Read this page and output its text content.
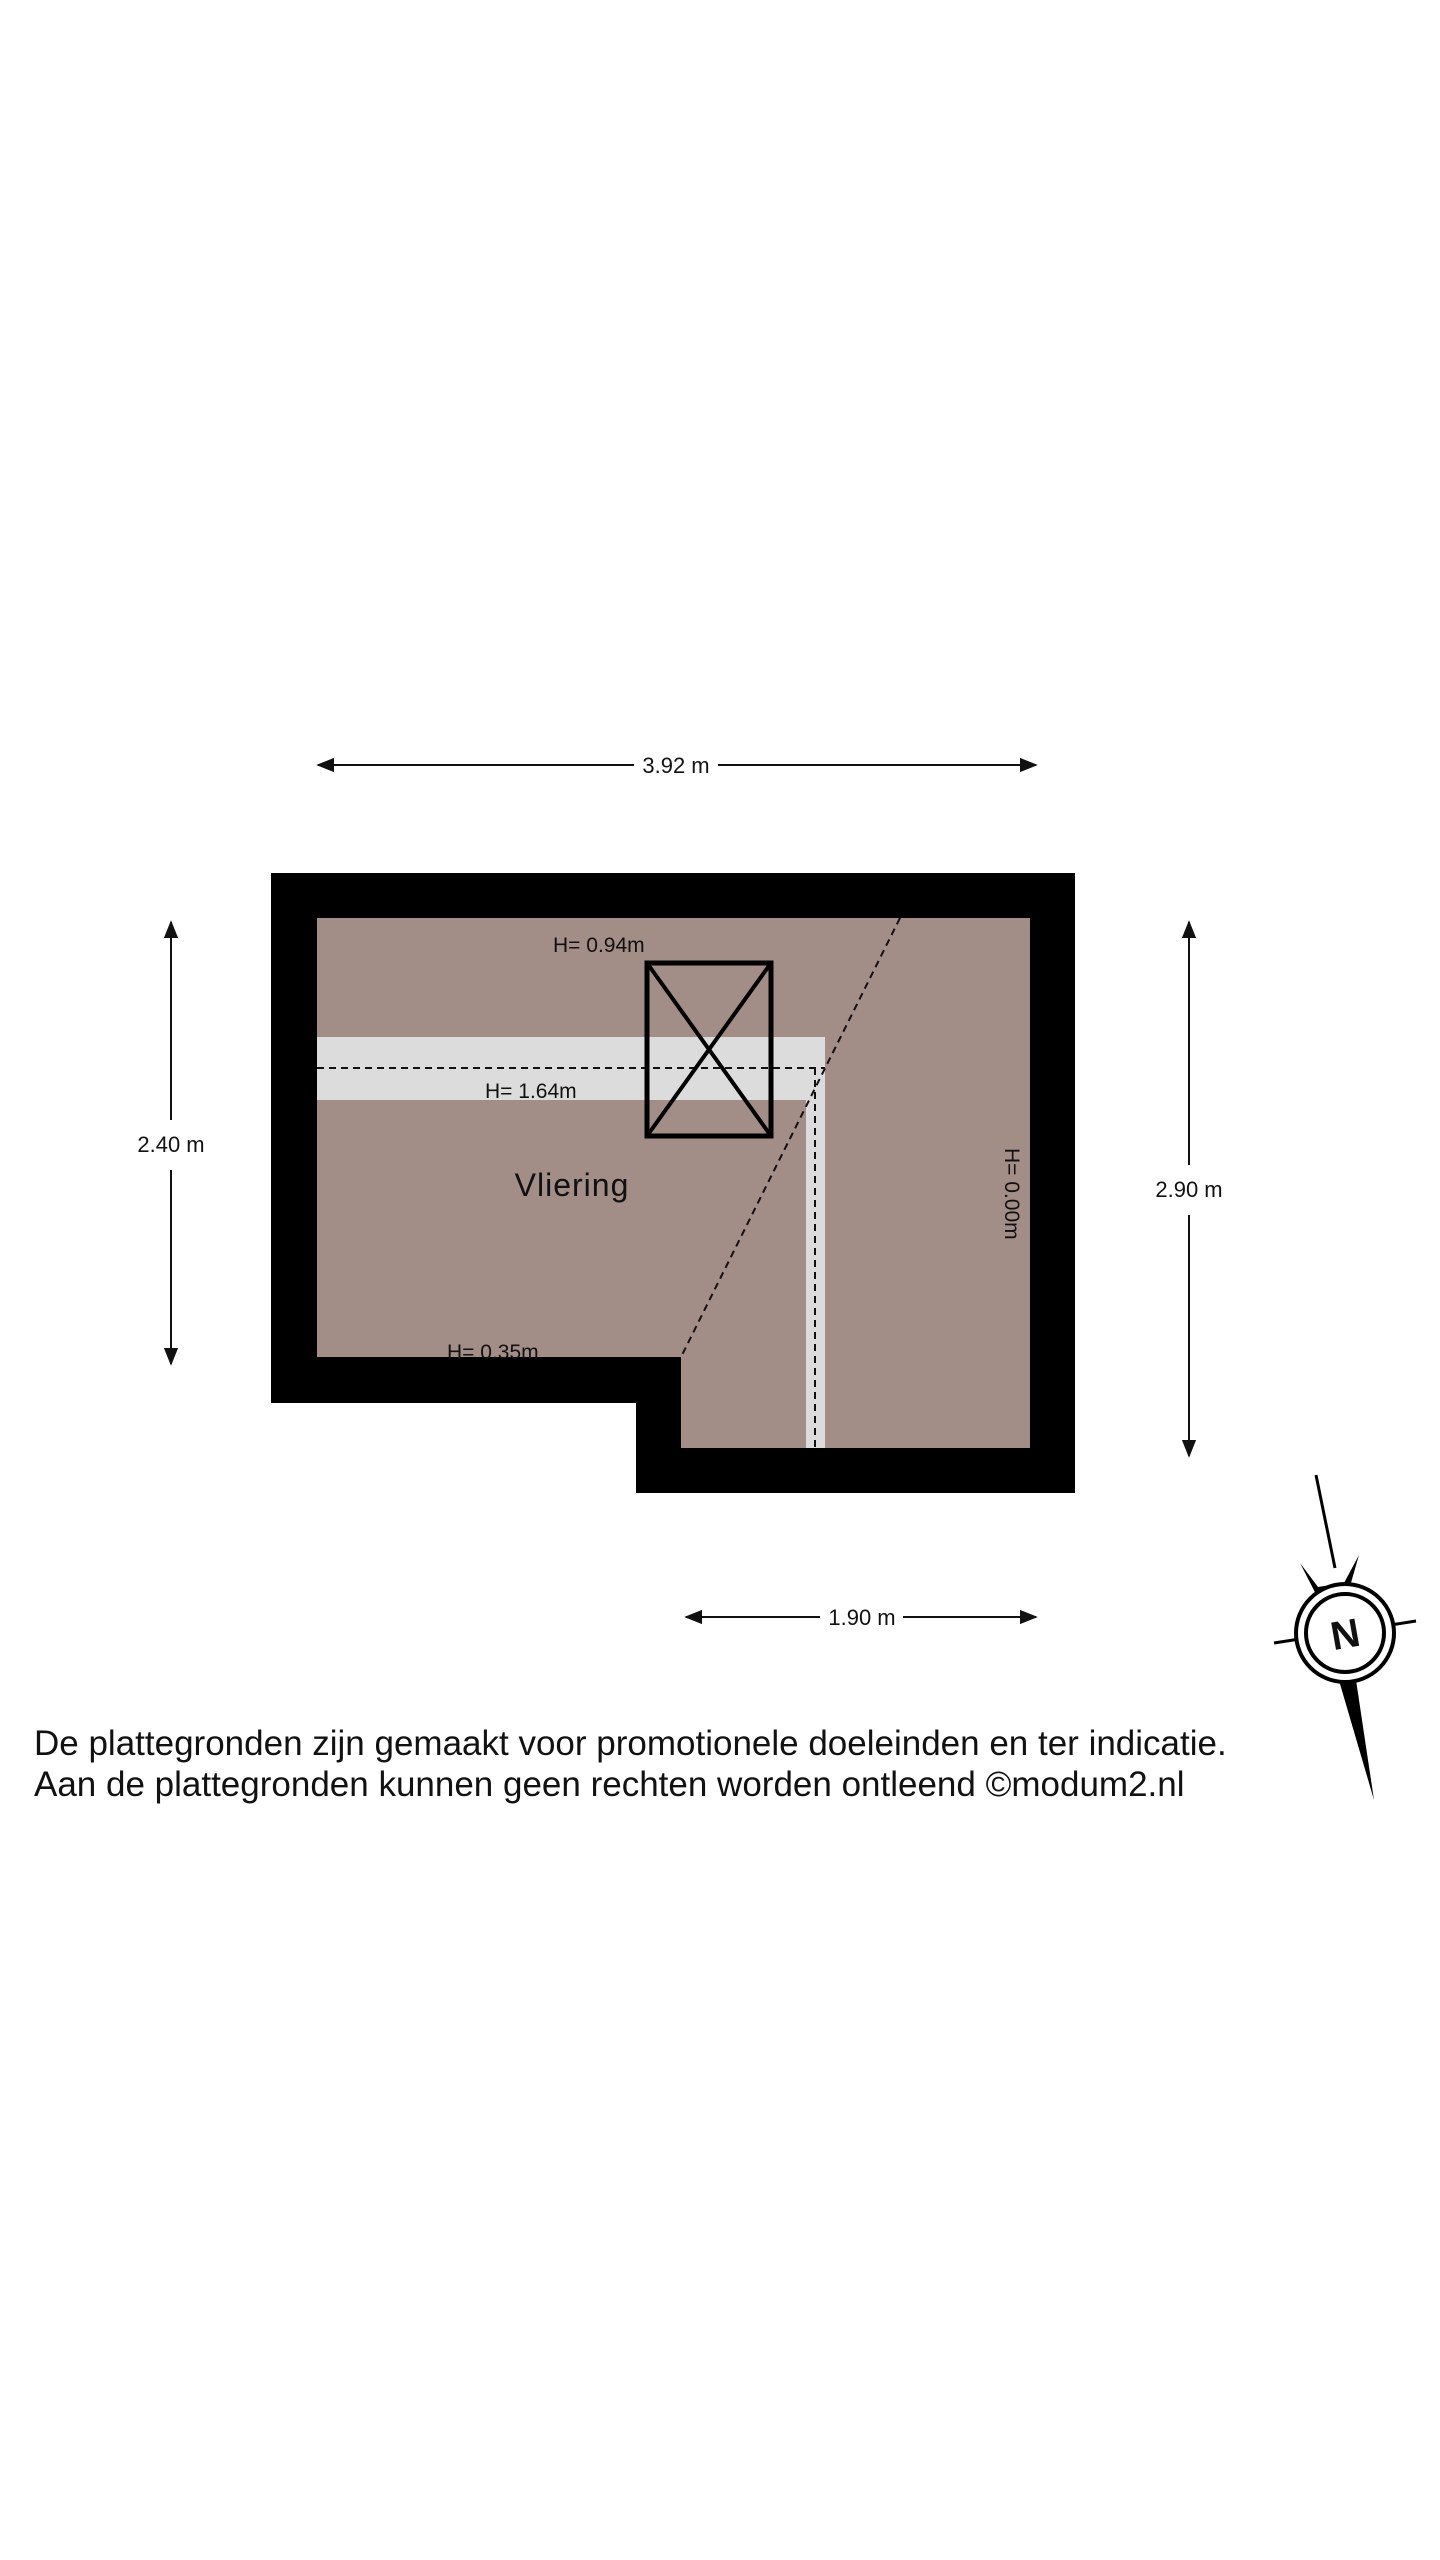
Vliering
H= 0.94m
H= 1.64m
H= 0.35m
H= 0.00m
3.92 m
2.40 m
2.90 m
1.90 m	N
De plattegronden zijn gemaakt voor promotionele doeleinden en ter indicatie.
Aan de plattegronden kunnen geen rechten worden ontleend ©modum2.nl
